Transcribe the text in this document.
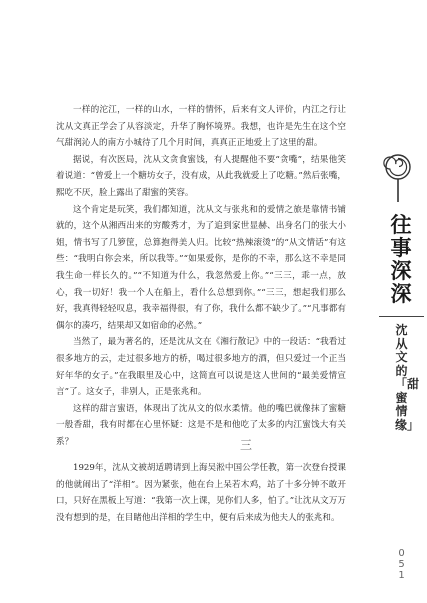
一样的沱江，一样的山水，一样的情怀，后来有文人评价，内江之行让沈从文真正学会了从容淡定，升华了胸怀境界。我想，也许是先生在这个空气甜润沁人的南方小城待了几个月时间，真真正正地爱上了这里的甜。

据说，有次医局，沈从文贪食蜜饯，有人提醒他不要“贪嘴”，结果他笑着说道：“曾爱上一个糖坊女子，没有成，从此我就爱上了吃糖。”然后张嘴，熙吃不厌，脸上露出了甜蜜的笑容。

这个肯定是玩笑，我们都知道，沈从文与张兆和的爱情之旅是靠情书铺就的，这个从湘西出来的穷酸秀才，为了追到家世显赫、出身名门的张大小姐，情书写了几箩筐，总算抱得美人归。比较“热辣滚烫”的“从文情话”有这些：“我明白你会来，所以我等。”“如果爱你，是你的不幸，那么这不幸是同我生命一样长久的。”“不知道为什么，我忽然爱上你。”“三三，乖一点，放心，我一切好！我一个人在船上，看什么总想到你。”“三三，想起我们那么好，我真得轻轻叹息，我幸福得很，有了你，我什么都不缺少了。”“凡事都有偶尔的凑巧，结果却又如宿命的必然。”

当然了，最为著名的，还是沈从文在《湘行散记》中的一段话：“我看过很多地方的云，走过很多地方的桥，喝过很多地方的酒，但只爱过一个正当好年华的女子。”在我眼里及心中，这简直可以说是这人世间的“最美爱情宣言”了。这女子，非别人，正是张兆和。

这样的甜言蜜语，体现出了沈从文的似水柔情。他的嘴巴就像抹了蜜糖一般香甜，我有时都在心里怀疑：这是不是和他吃了太多的内江蜜饯大有关系？	三

1929年，沈从文被胡适聘请到上海吴淞中国公学任教，第一次登台授课的他就闹出了“洋相”。因为紧张，他在台上呆若木鸡，站了十多分钟不敢开口，只好在黑板上写道：“我第一次上课，见你们人多，怕了。”让沈从文万万没有想到的是，在目睹他出洋相的学生中，便有后来成为他夫人的张兆和。

往事深深
沈从文的「甜蜜情缘」
051
